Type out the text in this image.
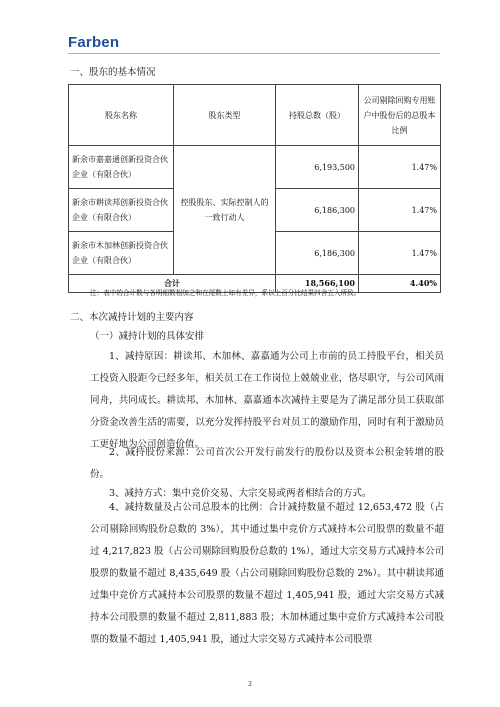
Farben
一、股东的基本情况
股东名称	股东类型	持股总数（股）	公司剔除回购专用账户中股份后的总股本比例
新余市嘉嘉通创新投资合伙企业（有限合伙）	控股股东、实际控制人的一致行动人	6,193,500	1.47%
新余市耕读邦创新投资合伙企业（有限合伙）		6,186,300	1.47%
新余市木加林创新投资合伙企业（有限合伙）		6,186,300	1.47%
合计		18,566,100	4.40%
注：表中的合计数与各明细数相加之和在尾数上如有差异，系以上百分比结果四舍五入所致。
二、本次减持计划的主要内容
（一）减持计划的具体安排

1、减持原因：耕读邦、木加林、嘉嘉通为公司上市前的员工持股平台，相关员工投资入股距今已经多年，相关员工在工作岗位上兢兢业业，恪尽职守，与公司风雨同舟，共同成长。耕读邦、木加林、嘉嘉通本次减持主要是为了满足部分员工获取部分资金改善生活的需要，以充分发挥持股平台对员工的激励作用，同时有利于激励员工更好地为公司创造价值。

2、减持股份来源：公司首次公开发行前发行的股份以及资本公积金转增的股份。

3、减持方式：集中竞价交易、大宗交易或两者相结合的方式。

4、减持数量及占公司总股本的比例：合计减持数量不超过 12,653,472 股（占公司剔除回购股份总数的 3%），其中通过集中竞价方式减持本公司股票的数量不超过 4,217,823 股（占公司剔除回购股份总数的 1%），通过大宗交易方式减持本公司股票的数量不超过 8,435,649 股（占公司剔除回购股份总数的 2%）。其中耕读邦通过集中竞价方式减持本公司股票的数量不超过 1,405,941 股，通过大宗交易方式减持本公司股票的数量不超过 2,811,883 股；木加林通过集中竞价方式减持本公司股票的数量不超过 1,405,941 股，通过大宗交易方式减持本公司股票

2
